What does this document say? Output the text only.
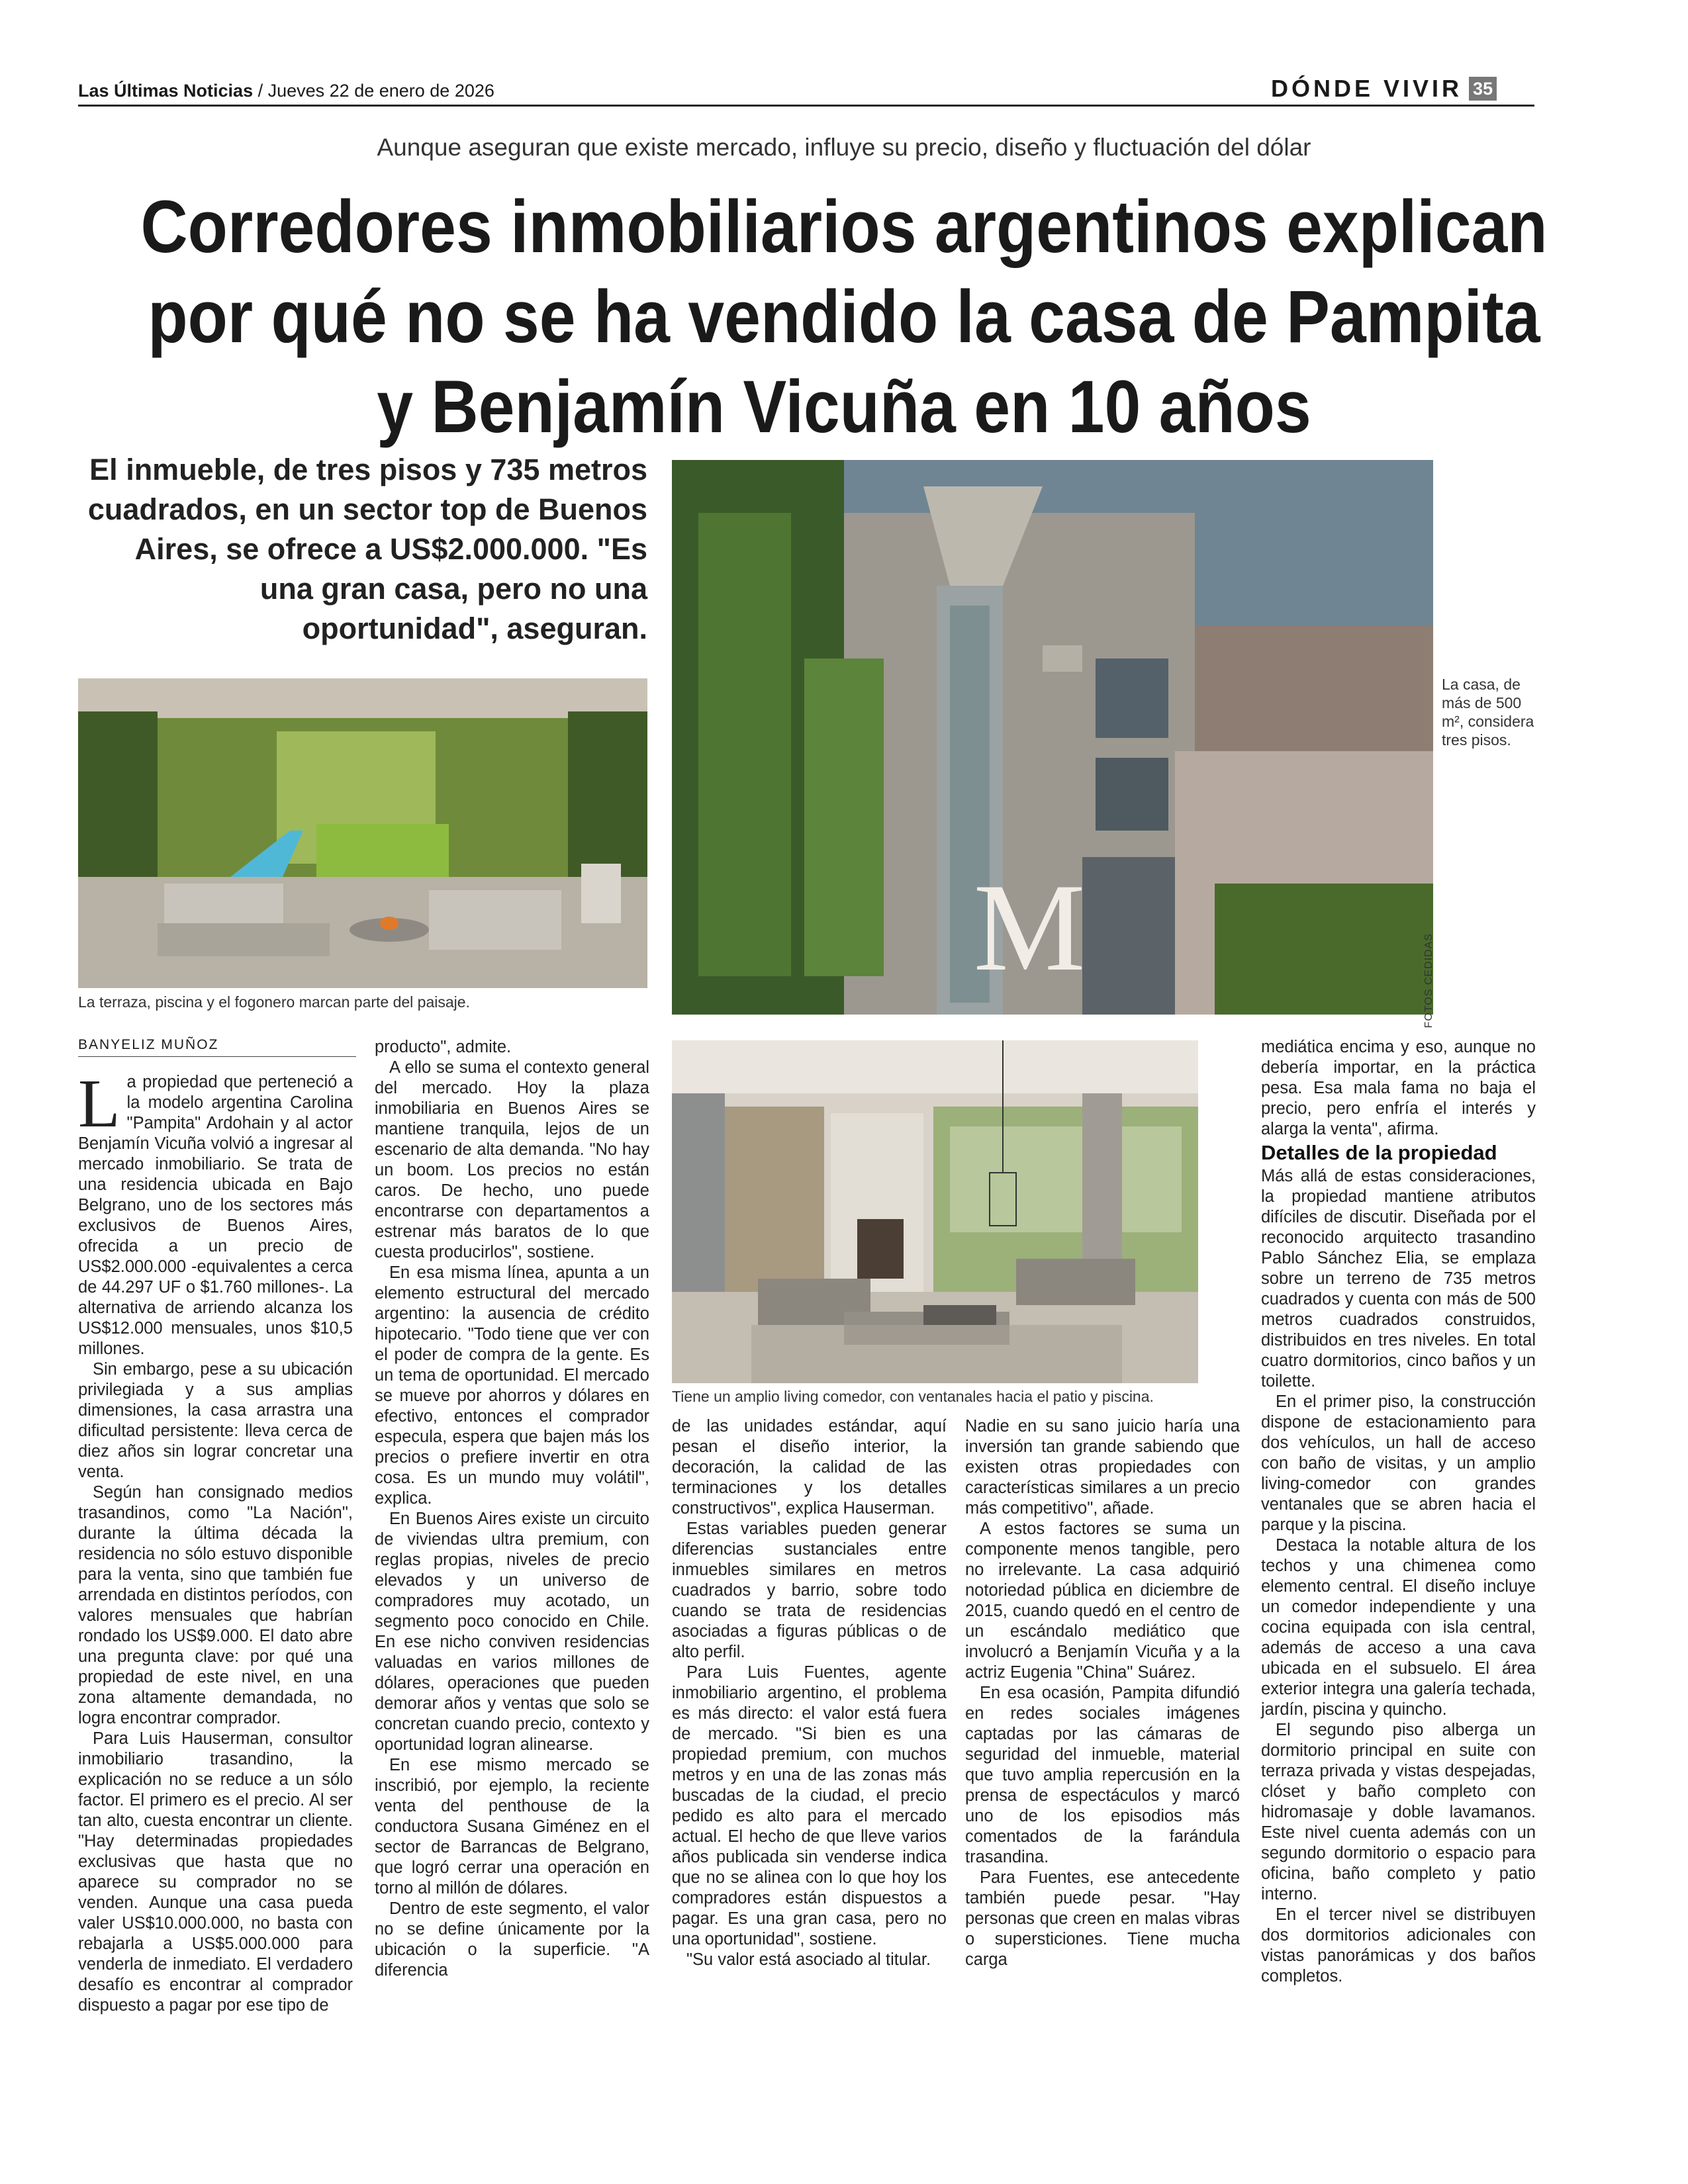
Las Últimas Noticias / Jueves 22 de enero de 2026	DÓNDE VIVIR 35
Aunque aseguran que existe mercado, influye su precio, diseño y fluctuación del dólar
Corredores inmobiliarios argentinos explican por qué no se ha vendido la casa de Pampita y Benjamín Vicuña en 10 años
El inmueble, de tres pisos y 735 metros cuadrados, en un sector top de Buenos Aires, se ofrece a US$2.000.000. "Es una gran casa, pero no una oportunidad", aseguran.
La terraza, piscina y el fogonero marcan parte del paisaje.
M
La casa, de más de 500 m², considera tres pisos.
FOTOS CEDIDAS
Tiene un amplio living comedor, con ventanales hacia el patio y piscina.
BANYELIZ MUÑOZ

La propiedad que perteneció a la modelo argentina Carolina "Pampita" Ardohain y al actor Benjamín Vicuña volvió a ingresar al mercado inmobiliario. Se trata de una residencia ubicada en Bajo Belgrano, uno de los sectores más exclusivos de Buenos Aires, ofrecida a un precio de US$2.000.000 -equivalentes a cerca de 44.297 UF o $1.760 millones-. La alternativa de arriendo alcanza los US$12.000 mensuales, unos $10,5 millones.

Sin embargo, pese a su ubicación privilegiada y a sus amplias dimensiones, la casa arrastra una dificultad persistente: lleva cerca de diez años sin lograr concretar una venta.

Según han consignado medios trasandinos, como "La Nación", durante la última década la residencia no sólo estuvo disponible para la venta, sino que también fue arrendada en distintos períodos, con valores mensuales que habrían rondado los US$9.000. El dato abre una pregunta clave: por qué una propiedad de este nivel, en una zona altamente demandada, no logra encontrar comprador.

Para Luis Hauserman, consultor inmobiliario trasandino, la explicación no se reduce a un sólo factor. El primero es el precio. Al ser tan alto, cuesta encontrar un cliente. "Hay determinadas propiedades exclusivas que hasta que no aparece su comprador no se venden. Aunque una casa pueda valer US$10.000.000, no basta con rebajarla a US$5.000.000 para venderla de inmediato. El verdadero desafío es encontrar al comprador dispuesto a pagar por ese tipo de

producto", admite.

A ello se suma el contexto general del mercado. Hoy la plaza inmobiliaria en Buenos Aires se mantiene tranquila, lejos de un escenario de alta demanda. "No hay un boom. Los precios no están caros. De hecho, uno puede encontrarse con departamentos a estrenar más baratos de lo que cuesta producirlos", sostiene.

En esa misma línea, apunta a un elemento estructural del mercado argentino: la ausencia de crédito hipotecario. "Todo tiene que ver con el poder de compra de la gente. Es un tema de oportunidad. El mercado se mueve por ahorros y dólares en efectivo, entonces el comprador especula, espera que bajen más los precios o prefiere invertir en otra cosa. Es un mundo muy volátil", explica.

En Buenos Aires existe un circuito de viviendas ultra premium, con reglas propias, niveles de precio elevados y un universo de compradores muy acotado, un segmento poco conocido en Chile. En ese nicho conviven residencias valuadas en varios millones de dólares, operaciones que pueden demorar años y ventas que solo se concretan cuando precio, contexto y oportunidad logran alinearse.

En ese mismo mercado se inscribió, por ejemplo, la reciente venta del penthouse de la conductora Susana Giménez en el sector de Barrancas de Belgrano, que logró cerrar una operación en torno al millón de dólares.

Dentro de este segmento, el valor no se define únicamente por la ubicación o la superficie. "A diferencia

de las unidades estándar, aquí pesan el diseño interior, la decoración, la calidad de las terminaciones y los detalles constructivos", explica Hauserman.

Estas variables pueden generar diferencias sustanciales entre inmuebles similares en metros cuadrados y barrio, sobre todo cuando se trata de residencias asociadas a figuras públicas o de alto perfil.

Para Luis Fuentes, agente inmobiliario argentino, el problema es más directo: el valor está fuera de mercado. "Si bien es una propiedad premium, con muchos metros y en una de las zonas más buscadas de la ciudad, el precio pedido es alto para el mercado actual. El hecho de que lleve varios años publicada sin venderse indica que no se alinea con lo que hoy los compradores están dispuestos a pagar. Es una gran casa, pero no una oportunidad", sostiene.

"Su valor está asociado al titular.

Nadie en su sano juicio haría una inversión tan grande sabiendo que existen otras propiedades con características similares a un precio más competitivo", añade.

A estos factores se suma un componente menos tangible, pero no irrelevante. La casa adquirió notoriedad pública en diciembre de 2015, cuando quedó en el centro de un escándalo mediático que involucró a Benjamín Vicuña y a la actriz Eugenia "China" Suárez.

En esa ocasión, Pampita difundió en redes sociales imágenes captadas por las cámaras de seguridad del inmueble, material que tuvo amplia repercusión en la prensa de espectáculos y marcó uno de los episodios más comentados de la farándula trasandina.

Para Fuentes, ese antecedente también puede pesar. "Hay personas que creen en malas vibras o supersticiones. Tiene mucha carga

mediática encima y eso, aunque no debería importar, en la práctica pesa. Esa mala fama no baja el precio, pero enfría el interés y alarga la venta", afirma.

Detalles de la propiedad

Más allá de estas consideraciones, la propiedad mantiene atributos difíciles de discutir. Diseñada por el reconocido arquitecto trasandino Pablo Sánchez Elia, se emplaza sobre un terreno de 735 metros cuadrados y cuenta con más de 500 metros cuadrados construidos, distribuidos en tres niveles. En total cuatro dormitorios, cinco baños y un toilette.

En el primer piso, la construcción dispone de estacionamiento para dos vehículos, un hall de acceso con baño de visitas, y un amplio living-comedor con grandes ventanales que se abren hacia el parque y la piscina.

Destaca la notable altura de los techos y una chimenea como elemento central. El diseño incluye un comedor independiente y una cocina equipada con isla central, además de acceso a una cava ubicada en el subsuelo. El área exterior integra una galería techada, jardín, piscina y quincho.

El segundo piso alberga un dormitorio principal en suite con terraza privada y vistas despejadas, clóset y baño completo con hidromasaje y doble lavamanos. Este nivel cuenta además con un segundo dormitorio o espacio para oficina, baño completo y patio interno.

En el tercer nivel se distribuyen dos dormitorios adicionales con vistas panorámicas y dos baños completos.
